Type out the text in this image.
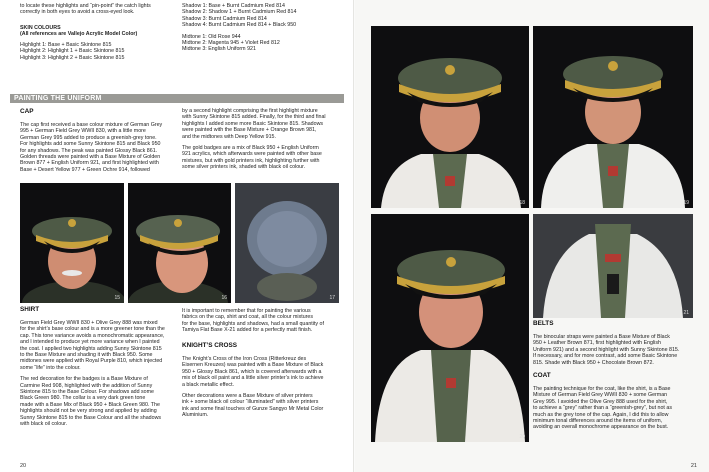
to locate these highlights and “pin-point” the catch lights
correctly in both eyes to avoid a cross-eyed look.
SKIN COLOURS
(All references are Vallejo Acrylic Model Color)
Highlight 1: Base + Basic Skintone 815
Highlight 2: Highlight 1 + Basic Skintone 815
Highlight 3: Highlight 2 + Basic Skintone 815
Shadow 1: Base + Burnt Cadmium Red 814
Shadow 2: Shadow 1 + Burnt Cadmium Red 814
Shadow 3: Burnt Cadmium Red 814
Shadow 4: Burnt Cadmium Red 814 + Black 950
Midtone 1: Old Rose 944
Midtone 2: Magenta 945 + Violet Red 812
Midtone 3: English Uniform 921
PAINTING THE UNIFORM
CAP
The cap first received a base colour mixture of German Grey
995 + German Field Grey WWII 830, with a little more
German Grey 995 added to produce a greenish-grey tone.
For highlights add some Sunny Skintone 815 and Black 950
for any shadows. The peak was painted Glossy Black 861.
Golden threads were painted with a Base Mixture of Golden
Brown 877 + English Uniform 921, and first highlighted with
Base + Desert Yellow 977 + Green Ochre 914, followed
by a second highlight comprising the first highlight mixture
with Sunny Skintone 815 added. Finally, for the third and final
highlights I added some more Basic Skintone 815. Shadows
were painted with the Base Mixture + Orange Brown 981,
and the midtones with Deep Yellow 915.
The gold badges are a mix of Black 950 + English Uniform
921 acrylics, which afterwards were painted with other base
mixtures, but with gold printers ink, highlighting further with
some silver printers ink, shaded with black oil colour.
15	16	17
SHIRT
German Field Grey WWII 830 + Olive Grey 888 was mixed
for the shirt’s base colour and is a more greener tone than the
cap. This tone variance avoids a monochromatic appearance,
and I intended to produce yet more variance when I painted
the coat. I applied two highlights adding Sunny Skintone 815
to the Base Mixture and shading it with Black 950. Some
midtones were applied with Royal Purple 810, which injected
some “life” into the colour.
The red decoration for the badges is a Base Mixture of
Carmine Red 908, highlighted with the addition of Sunny
Skintone 815 to the Base Colour. For shadows add some
Black Green 980. The collar is a very dark green tone
made with a Base Mix of Black 950 + Black Green 980. The
highlights should not be very strong and applied by adding
Sunny Skintone 815 to the Base Colour and all the shadows
with black oil colour.
It is important to remember that for painting the various
fabrics on the cap, shirt and coat, all the colour mixtures
for the base, highlights and shadows, had a small quantity of
Tamiya Flat Base X-21 added for a perfectly matt finish.
KNIGHT’S CROSS
The Knight’s Cross of the Iron Cross (Ritterkreuz des
Eisernen Kreuzes) was painted with a Base Mixture of Black
950 + Glossy Black 861, which is covered afterwards with a
mix of black oil paint and a little silver printer’s ink to achieve
a black metallic effect.
Other decorations were a Base Mixture of silver printers
ink + some black oil colour “illuminated” with silver printers
ink and some final touches of Gunze Sangyo Mr Metal Color
Aluminium.
20
18	19
20
21
BELTS
The binocular straps were painted a Base Mixture of Black
950 + Leather Brown 871, first highlighted with English
Uniform 921) and a second highlight with Sunny Skintone 815.
If necessary, and for more contrast, add some Basic Skintone
815. Shade with Black 950 + Chocolate Brown 872.
COAT
The painting technique for the coat, like the shirt, is a Base
Mixture of German Field Grey WWII 830 + some German
Grey 995. I avoided the Olive Grey 888 used for the shirt,
to achieve a “grey” rather than a “greenish-grey”, but not as
much as the grey tone of the cap. Again, I did this to allow
minimum tonal differences around the items of uniform,
avoiding an overall monochrome appearance on the bust.
21
